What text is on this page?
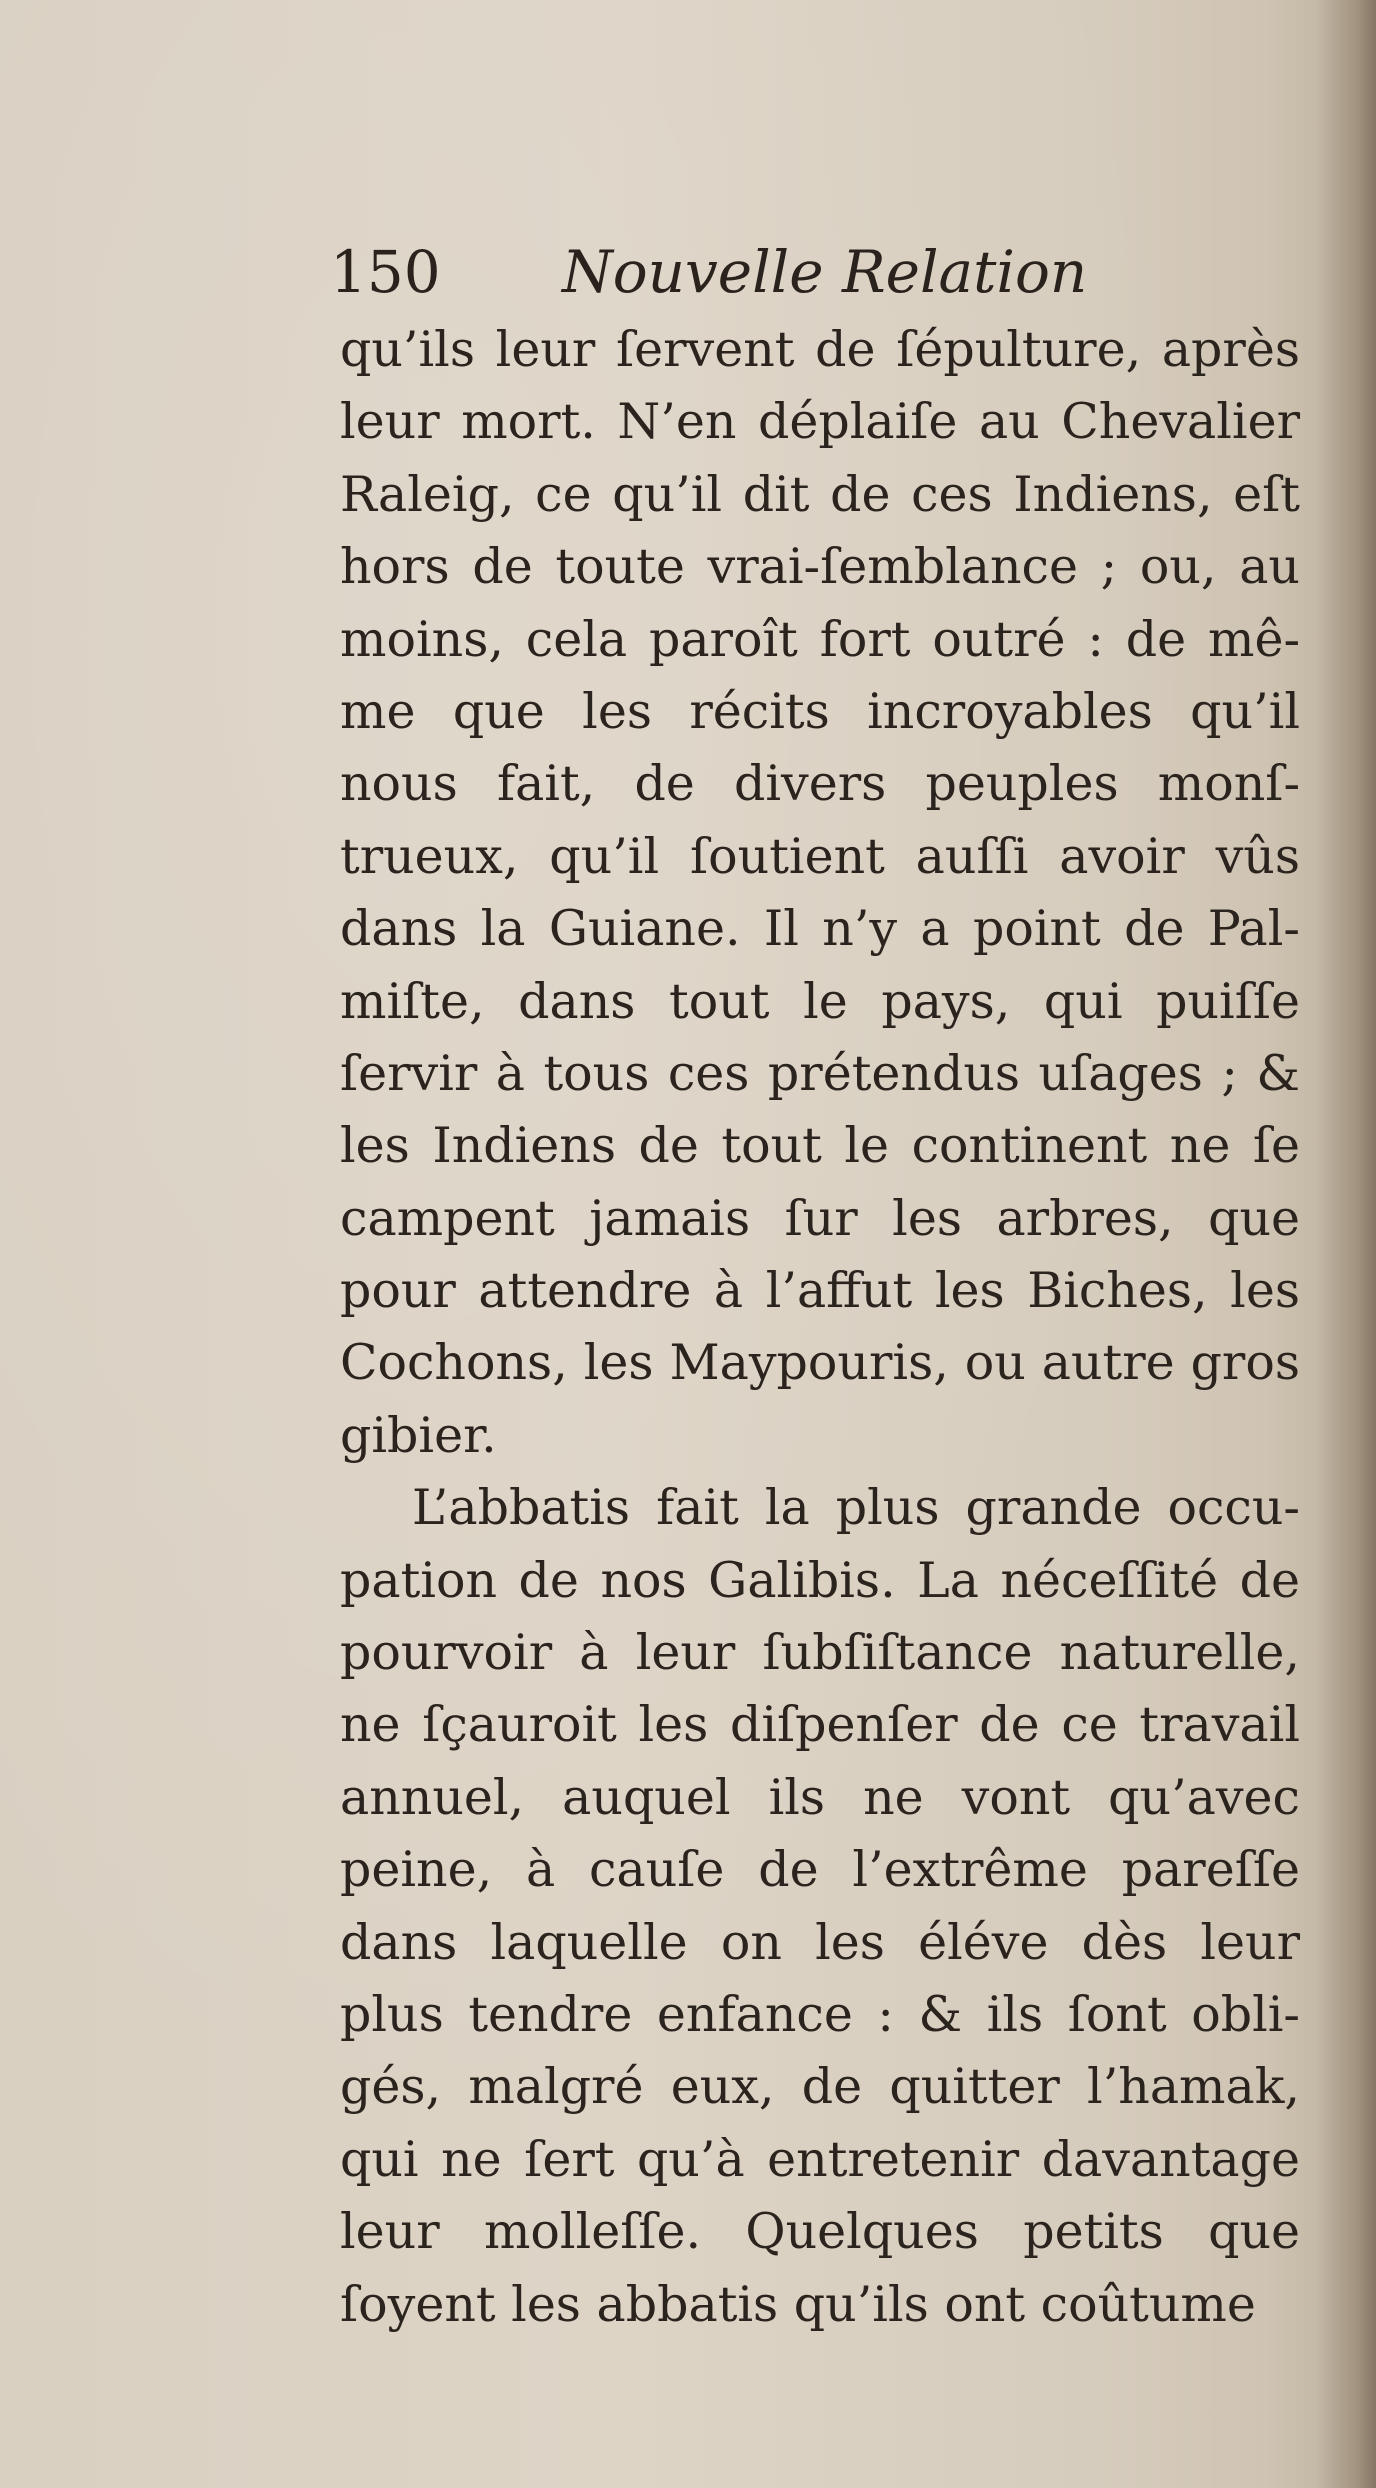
150 Nouvelle Relation
qu’ils leur ſervent de ſépulture, après
leur mort. N’en déplaiſe au Chevalier
Raleig, ce qu’il dit de ces Indiens, eſt
hors de toute vrai-ſemblance ; ou, au
moins, cela paroît fort outré : de mê-
me que les récits incroyables qu’il
nous fait, de divers peuples monſ-
trueux, qu’il ſoutient auſſi avoir vûs
dans la Guiane. Il n’y a point de Pal-
miſte, dans tout le pays, qui puiſſe
ſervir à tous ces prétendus uſages ; &
les Indiens de tout le continent ne ſe
campent jamais ſur les arbres, que
pour attendre à l’affut les Biches, les
Cochons, les Maypouris, ou autre gros
gibier.
L’abbatis fait la plus grande occu-
pation de nos Galibis. La néceſſité de
pourvoir à leur ſubſiſtance naturelle,
ne ſçauroit les diſpenſer de ce travail
annuel, auquel ils ne vont qu’avec
peine, à cauſe de l’extrême pareſſe
dans laquelle on les éléve dès leur
plus tendre enfance : & ils ſont obli-
gés, malgré eux, de quitter l’hamak,
qui ne ſert qu’à entretenir davantage
leur molleſſe. Quelques petits que
ſoyent les abbatis qu’ils ont coûtume
